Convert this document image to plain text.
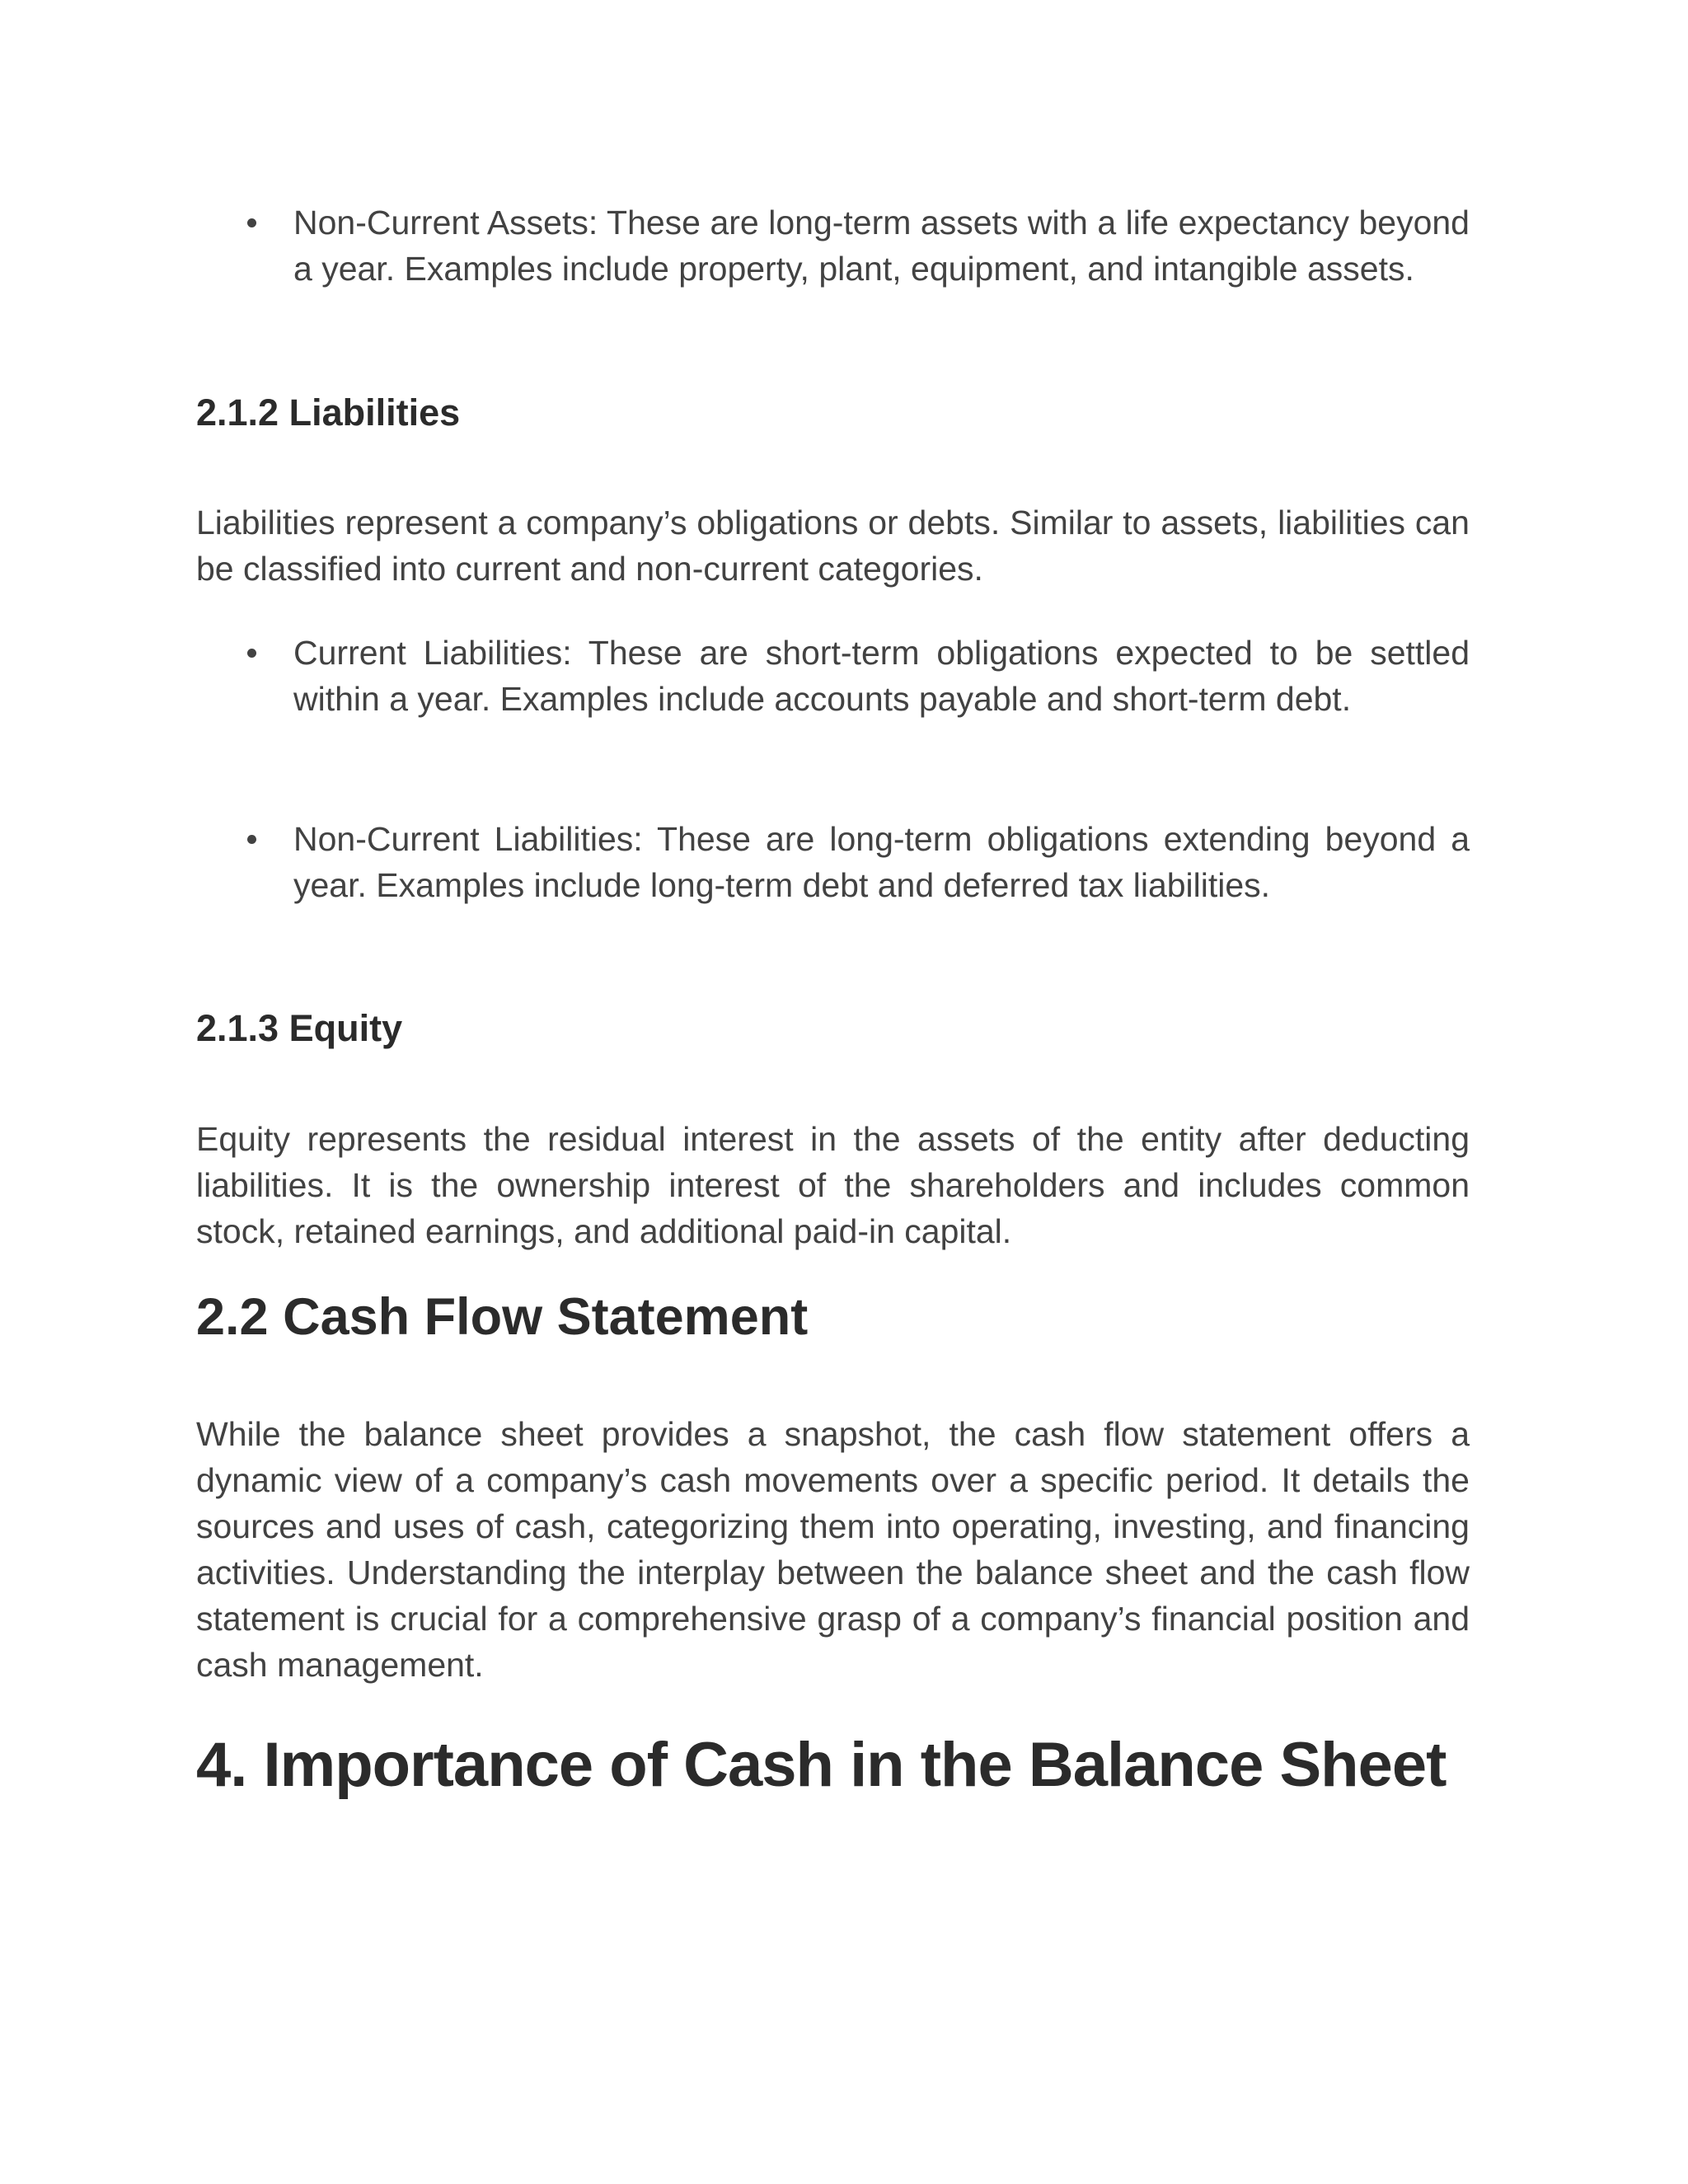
Non-Current Assets: These are long-term assets with a life expectancy beyond a year. Examples include property, plant, equipment, and intangible assets.
2.1.2 Liabilities

Liabilities represent a company’s obligations or debts. Similar to assets, liabilities can be classified into current and non-current categories.

Current Liabilities: These are short-term obligations expected to be settled within a year. Examples include accounts payable and short-term debt.
Non-Current Liabilities: These are long-term obligations extending beyond a year. Examples include long-term debt and deferred tax liabilities.
2.1.3 Equity

Equity represents the residual interest in the assets of the entity after deducting liabilities. It is the ownership interest of the shareholders and includes common stock, retained earnings, and additional paid-in capital.

2.2 Cash Flow Statement

While the balance sheet provides a snapshot, the cash flow statement offers a dynamic view of a company’s cash movements over a specific period. It details the sources and uses of cash, categorizing them into operating, investing, and financing activities. Understanding the interplay between the balance sheet and the cash flow statement is crucial for a comprehensive grasp of a company’s financial position and cash management.

4. Importance of Cash in the Balance Sheet
